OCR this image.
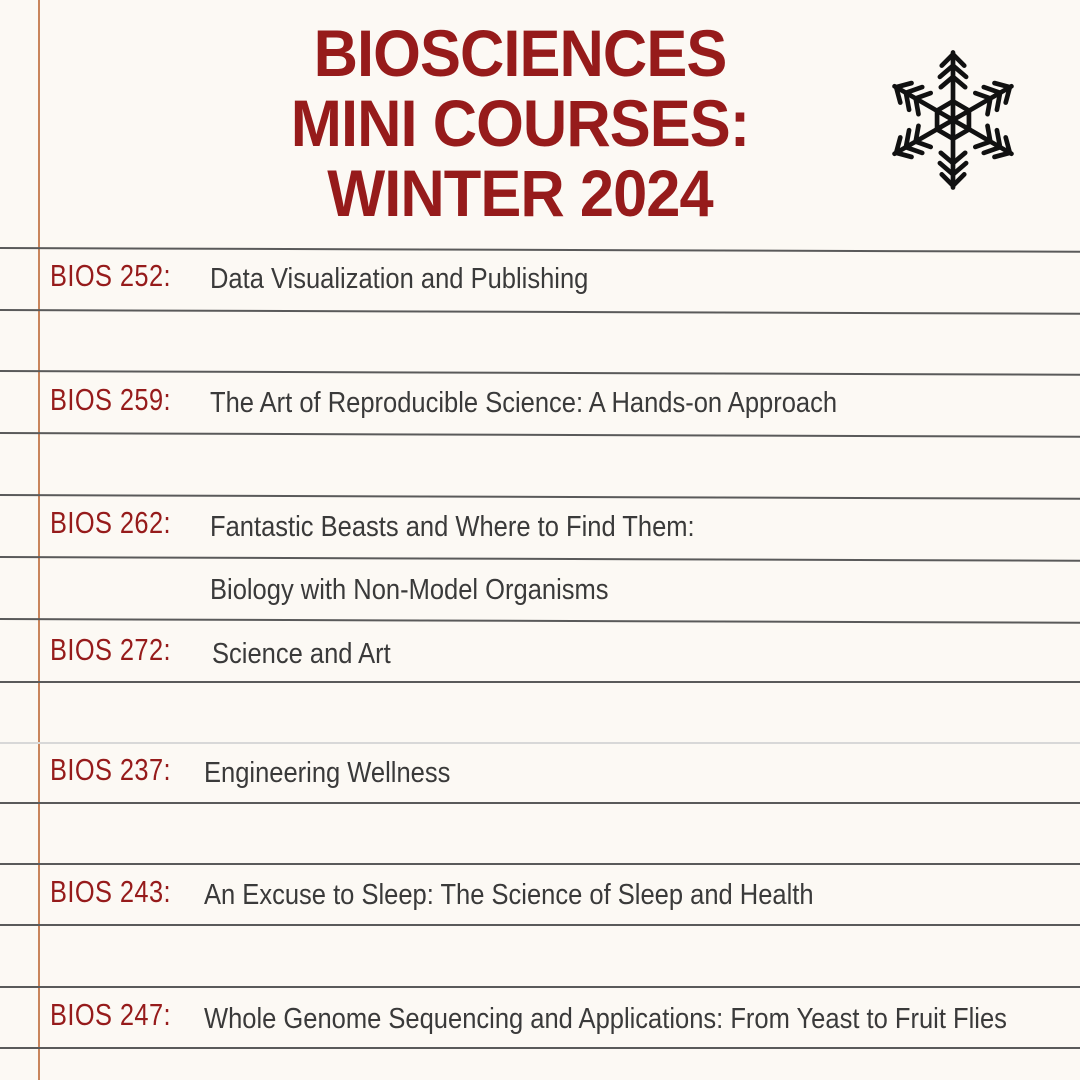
BIOSCIENCES
MINI COURSES:
WINTER 2024
BIOS 252: Data Visualization and Publishing
BIOS 259: The Art of Reproducible Science: A Hands-on Approach
BIOS 262: Fantastic Beasts and Where to Find Them:
Biology with Non-Model Organisms
BIOS 272: Science and Art
BIOS 237: Engineering Wellness
BIOS 243: An Excuse to Sleep: The Science of Sleep and Health
BIOS 247: Whole Genome Sequencing and Applications: From Yeast to Fruit Flies
